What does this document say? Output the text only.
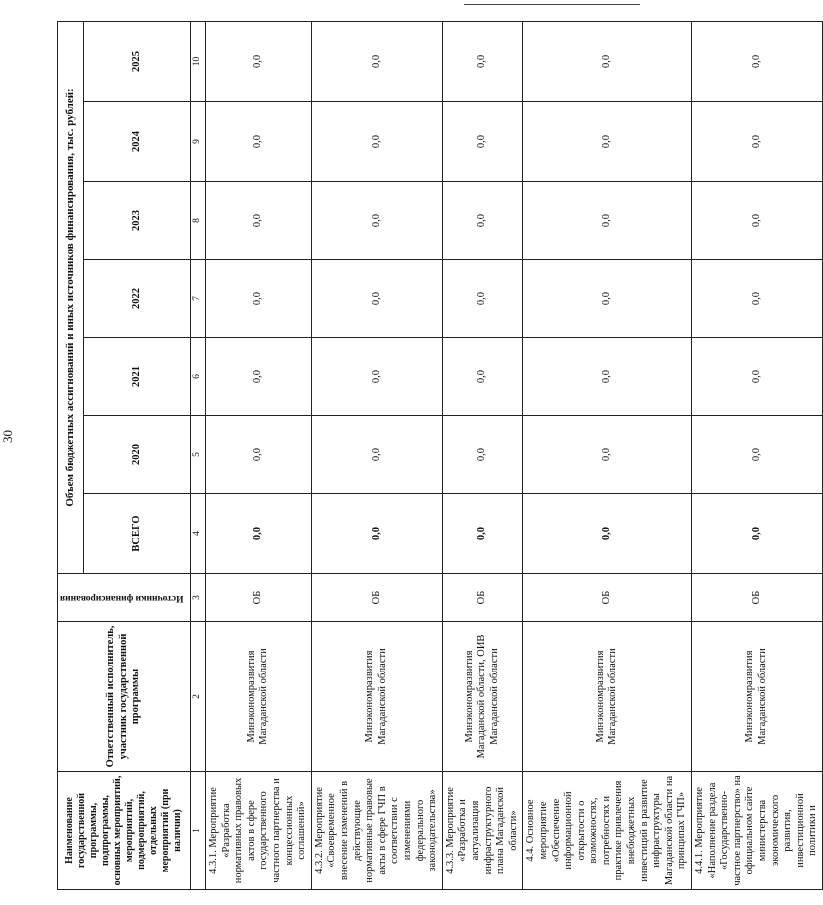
30
Наименование государственной программы, подпрограммы, основных мероприятий, мероприятий, подмероприятий, отдельных мероприятий (при наличии)	Ответственный исполнитель, участник государственной программы	Источники финансирования	Объем бюджетных ассигнований и иных источников финансирования, тыс. рублей:						
			ВСЕГО	2020	2021	2022	2023	2024	2025
1	2	3	4	5	6	7	8	9	10
4.3.1. Мероприятие «Разработка нормативных правовых актов в сфере государственного частного партнерства и концессионных соглашений»	Минэкономразвития Магаданской области	ОБ	0,0	0,0	0,0	0,0	0,0	0,0	0,0
4.3.2. Мероприятие «Своевременное внесение изменений в действующие нормативные правовые акты в сфере ГЧП в соответствии с изменениями федерального законодательства»	Минэкономразвития Магаданской области	ОБ	0,0	0,0	0,0	0,0	0,0	0,0	0,0
4.3.3. Мероприятие «Разработка и актуализация инфраструктурного плана Магаданской области»	Минэкономразвития Магаданской области, ОИВ Магаданской области	ОБ	0,0	0,0	0,0	0,0	0,0	0,0	0,0
4.4. Основное мероприятие «Обеспечение информационной открытости о возможностях, потребностях и практике привлечения внебюджетных инвестиций в развитие инфраструктуры Магаданской области на принципах ГЧП»	Минэкономразвития Магаданской области	ОБ	0,0	0,0	0,0	0,0	0,0	0,0	0,0
4.4.1. Мероприятие «Наполнение раздела «Государственно-частное партнерство» на официальном сайте министерства экономического развития, инвестиционной политики и	Минэкономразвития Магаданской области	ОБ	0,0	0,0	0,0	0,0	0,0	0,0	0,0
